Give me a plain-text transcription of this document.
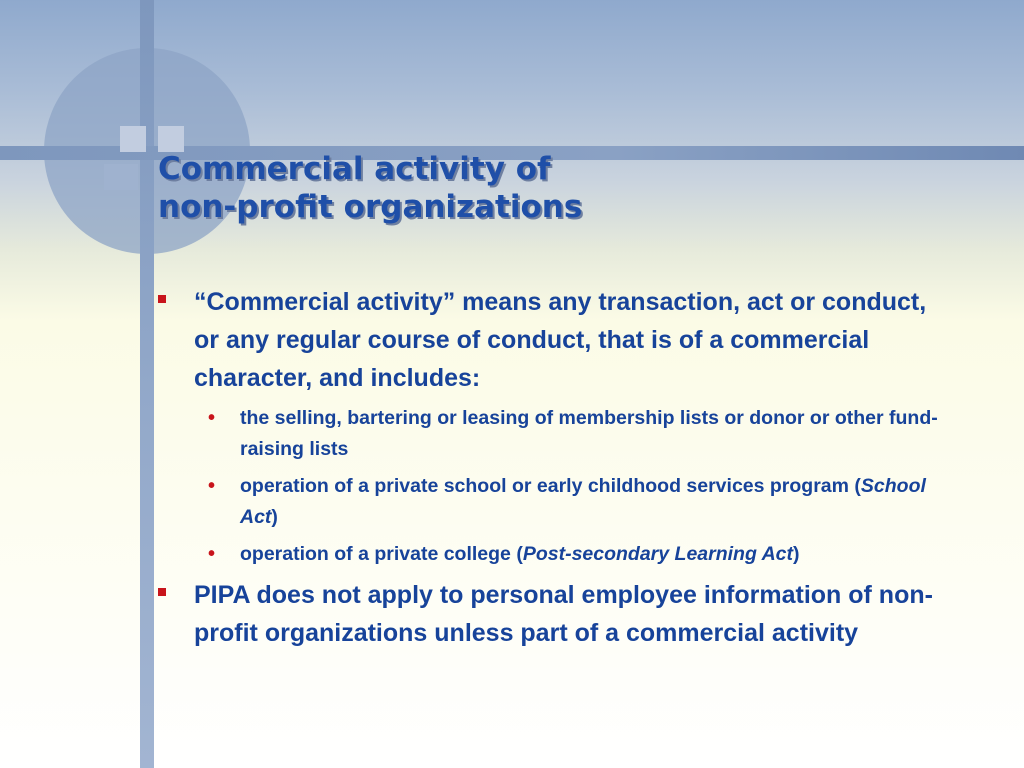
Commercial activity of
non-profit organizations
“Commercial activity” means any transaction, act or conduct, or any regular course of conduct, that is of a commercial character, and includes:
• the selling, bartering or leasing of membership lists or donor or other fund-raising lists
• operation of a private school or early childhood services program (School Act)
• operation of a private college (Post-secondary Learning Act)
PIPA does not apply to personal employee information of non-profit organizations unless part of a commercial activity
